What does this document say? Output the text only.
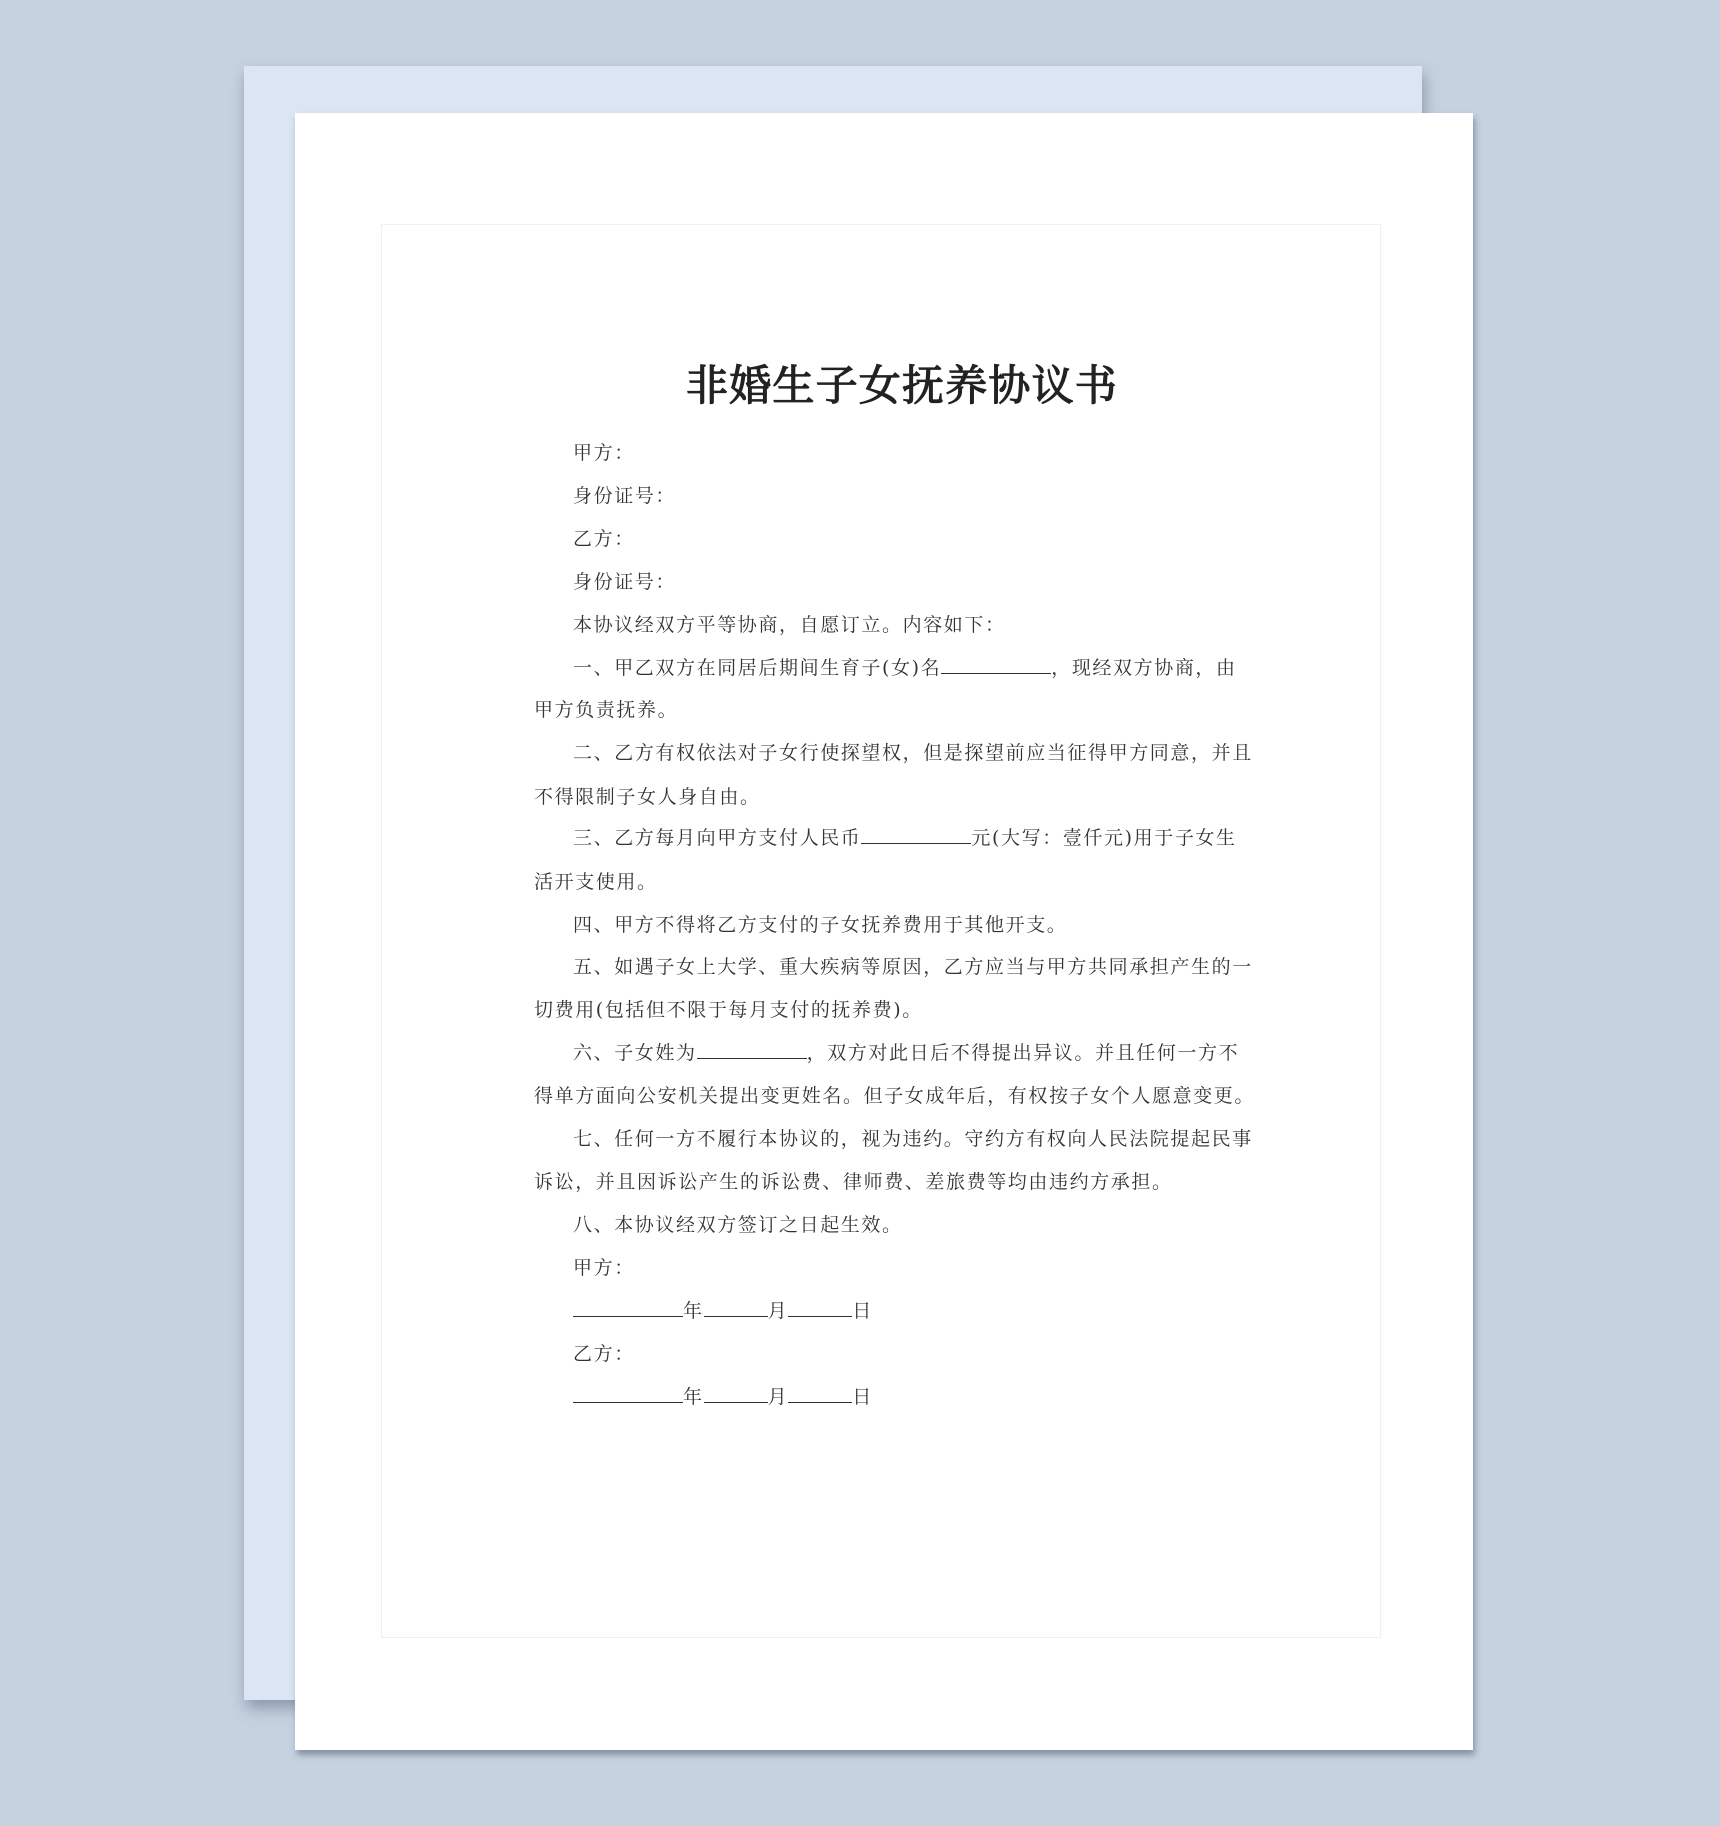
非婚生子女抚养协议书
甲方：
身份证号：
乙方：
身份证号：
本协议经双方平等协商，自愿订立。内容如下：
一、甲乙双方在同居后期间生育子(女)名	，现经双方协商，由
甲方负责抚养。
二、乙方有权依法对子女行使探望权，但是探望前应当征得甲方同意，并且
不得限制子女人身自由。
三、乙方每月向甲方支付人民币	元(大写：壹仟元)用于子女生
活开支使用。
四、甲方不得将乙方支付的子女抚养费用于其他开支。
五、如遇子女上大学、重大疾病等原因，乙方应当与甲方共同承担产生的一
切费用(包括但不限于每月支付的抚养费)。
六、子女姓为	，双方对此日后不得提出异议。并且任何一方不
得单方面向公安机关提出变更姓名。但子女成年后，有权按子女个人愿意变更。
七、任何一方不履行本协议的，视为违约。守约方有权向人民法院提起民事
诉讼，并且因诉讼产生的诉讼费、律师费、差旅费等均由违约方承担。
八、本协议经双方签订之日起生效。
甲方：
年	月	日
乙方：
年	月	日
